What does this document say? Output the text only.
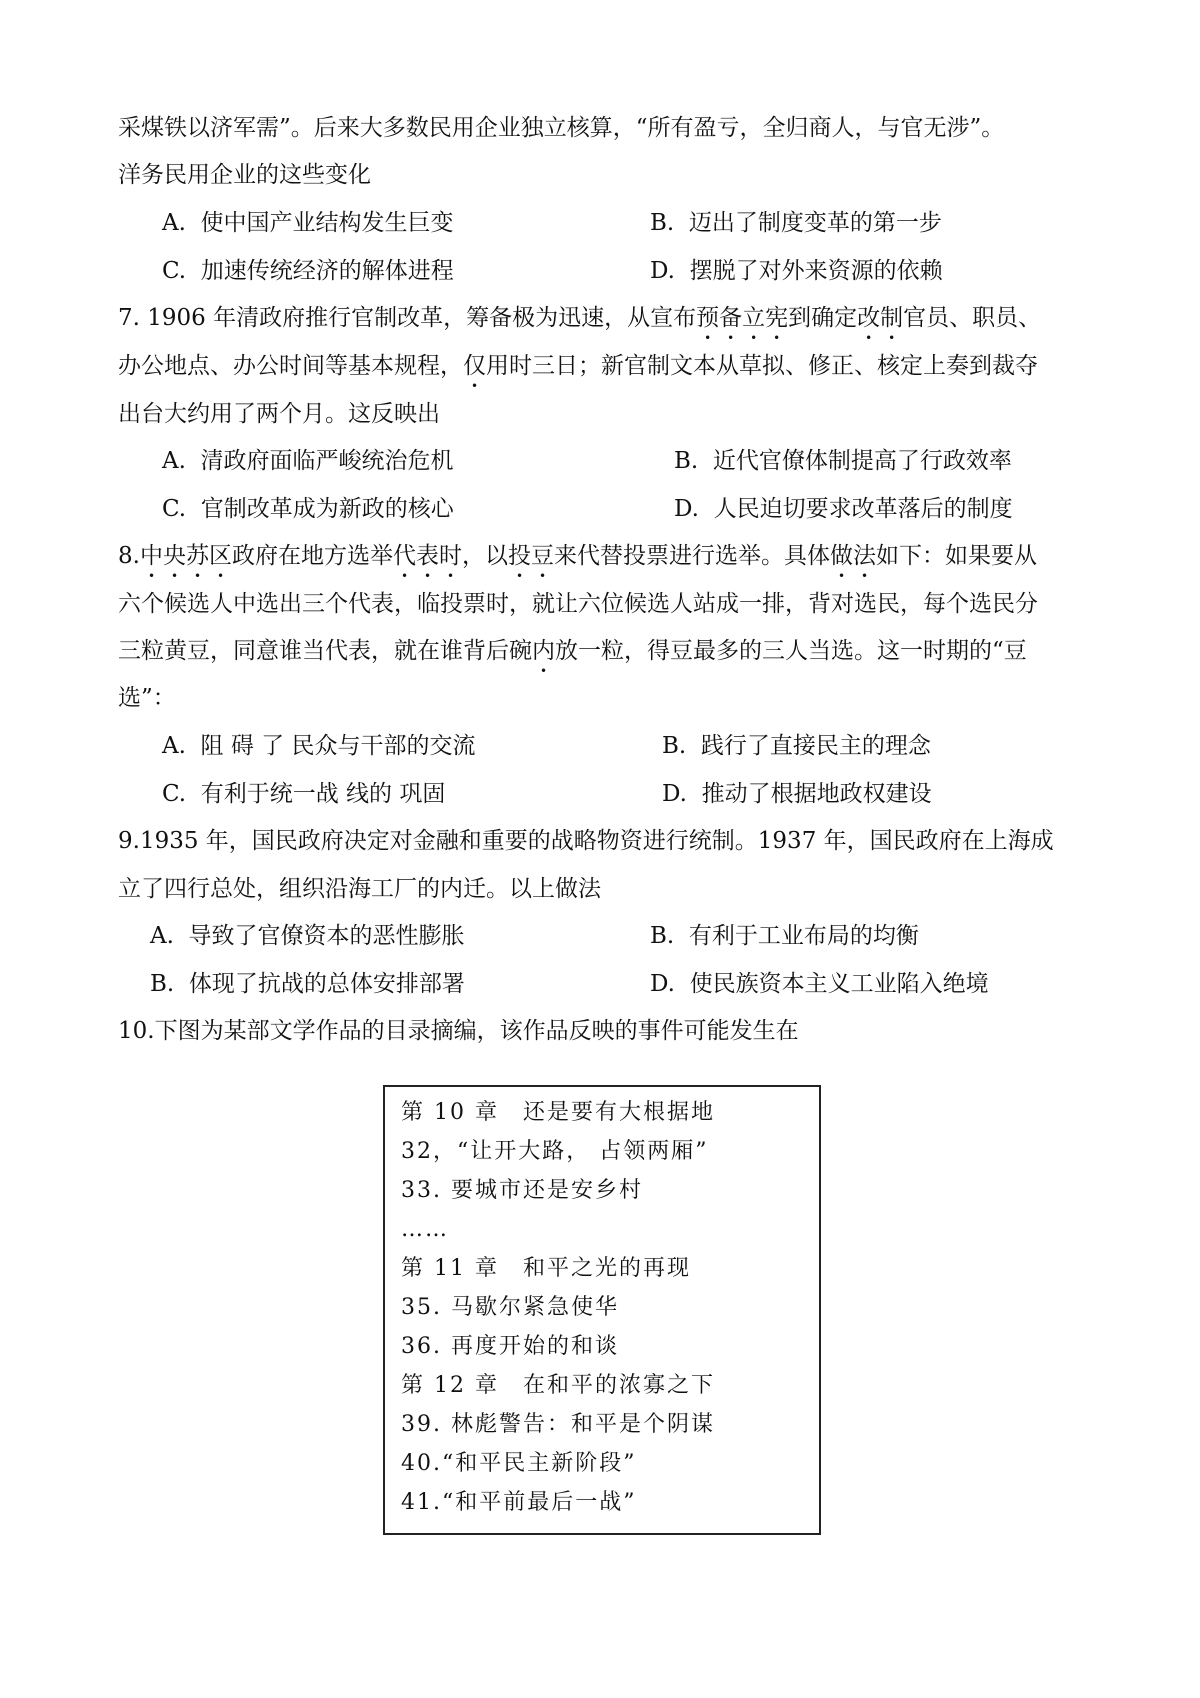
采煤铁以济军需”。后来大多数民用企业独立核算，“所有盈亏，全归商人，与官无涉”。
洋务民用企业的这些变化
A. 使中国产业结构发生巨变	B. 迈出了制度变革的第一步
C. 加速传统经济的解体进程	D. 摆脱了对外来资源的依赖
7. 1906 年清政府推行官制改革，筹备极为迅速，从宣布预备立宪到确定改制官员、职员、
办公地点、办公时间等基本规程，仅用时三日；新官制文本从草拟、修正、核定上奏到裁夺
出台大约用了两个月。这反映出
A. 清政府面临严峻统治危机	B. 近代官僚体制提高了行政效率
C. 官制改革成为新政的核心	D. 人民迫切要求改革落后的制度
8.中央苏区政府在地方选举代表时，以投豆来代替投票进行选举。具体做法如下：如果要从
六个候选人中选出三个代表，临投票时，就让六位候选人站成一排，背对选民，每个选民分
三粒黄豆，同意谁当代表，就在谁背后碗内放一粒，得豆最多的三人当选。这一时期的“豆
选”：
A. 阻 碍 了 民众与干部的交流	B. 践行了直接民主的理念
C. 有利于统一战 线的 巩固	D. 推动了根据地政权建设
9.1935 年，国民政府决定对金融和重要的战略物资进行统制。1937 年，国民政府在上海成
立了四行总处，组织沿海工厂的内迁。以上做法
A. 导致了官僚资本的恶性膨胀	B. 有利于工业布局的均衡
B. 体现了抗战的总体安排部署	D. 使民族资本主义工业陷入绝境
10.下图为某部文学作品的目录摘编，该作品反映的事件可能发生在
第 10 章　还是要有大根据地
32，“让开大路， 占领两厢”
33. 要城市还是安乡村
……
第 11 章　和平之光的再现
35. 马歇尔紧急使华
36. 再度开始的和谈
第 12 章　在和平的浓寡之下
39. 林彪警告：和平是个阴谋
40.“和平民主新阶段”
41.“和平前最后一战”
